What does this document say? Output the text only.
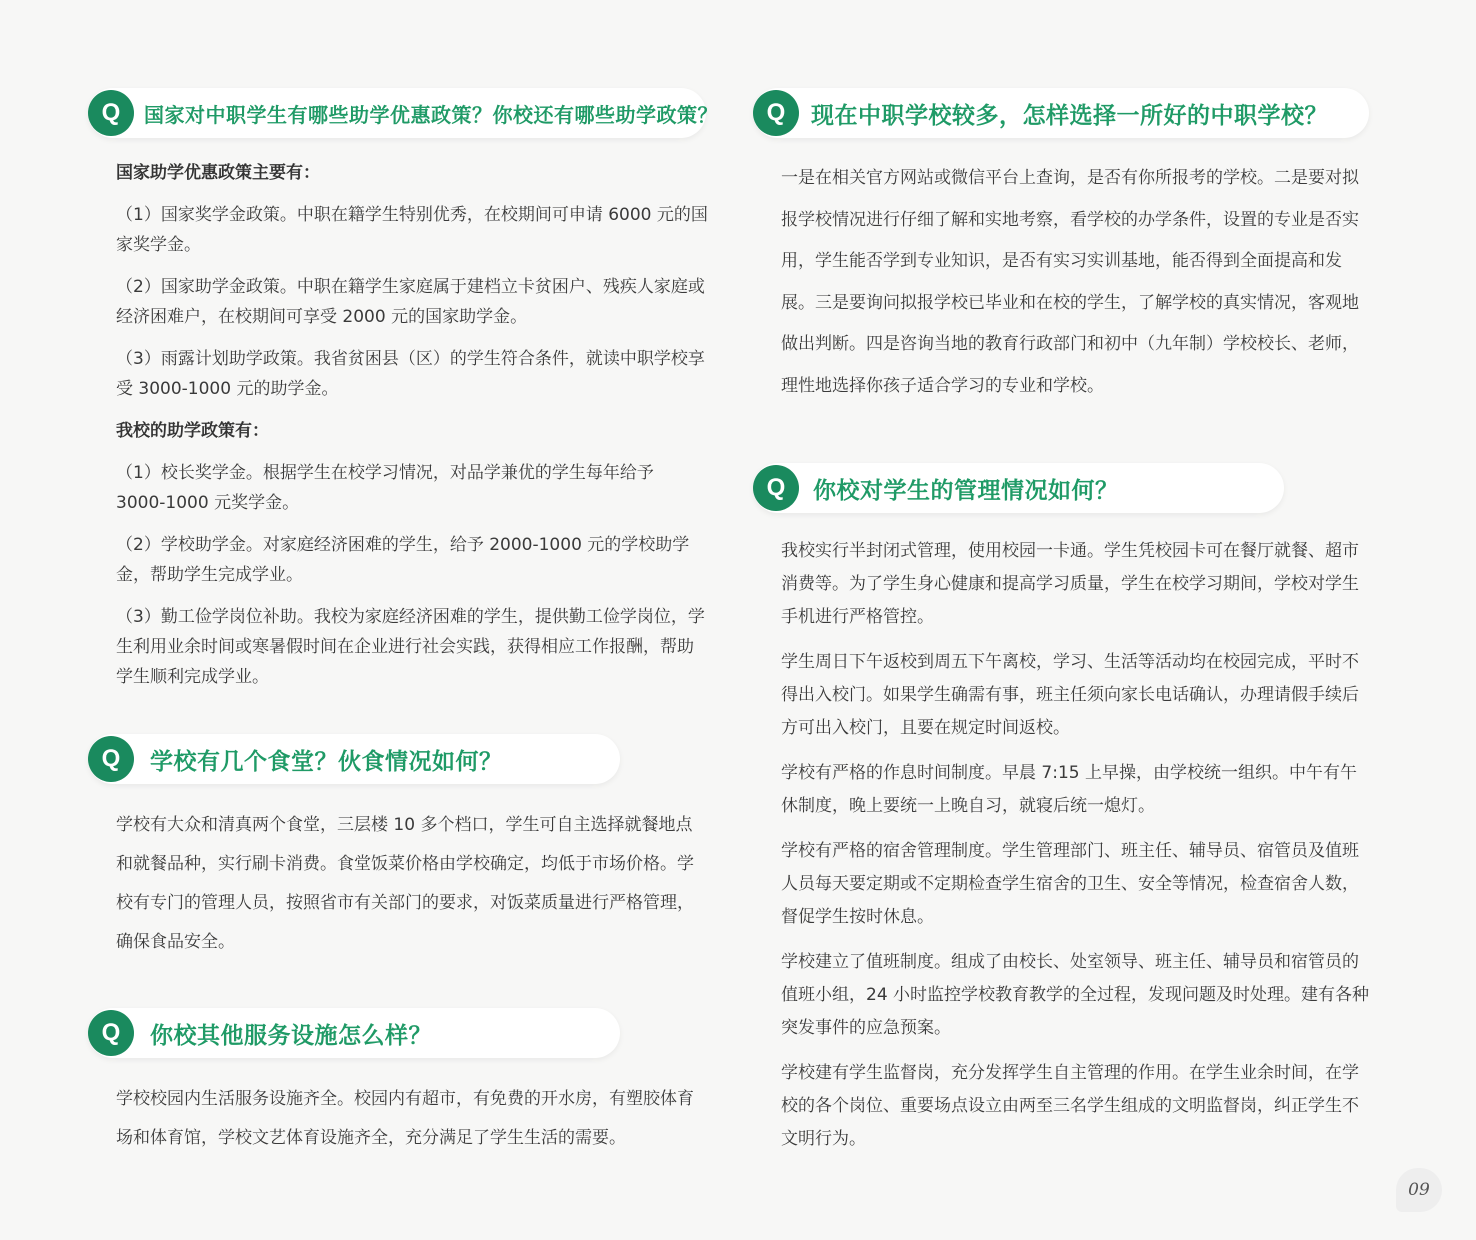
Q	国家对中职学生有哪些助学优惠政策？你校还有哪些助学政策？
国家助学优惠政策主要有：
（1）国家奖学金政策。中职在籍学生特别优秀，在校期间可申请 6000 元的国家奖学金。
（2）国家助学金政策。中职在籍学生家庭属于建档立卡贫困户、残疾人家庭或经济困难户，在校期间可享受 2000 元的国家助学金。
（3）雨露计划助学政策。我省贫困县（区）的学生符合条件，就读中职学校享受 3000-1000 元的助学金。
我校的助学政策有：
（1）校长奖学金。根据学生在校学习情况，对品学兼优的学生每年给予 3000-1000 元奖学金。
（2）学校助学金。对家庭经济困难的学生，给予 2000-1000 元的学校助学金，帮助学生完成学业。
（3）勤工俭学岗位补助。我校为家庭经济困难的学生，提供勤工俭学岗位，学生利用业余时间或寒暑假时间在企业进行社会实践，获得相应工作报酬，帮助学生顺利完成学业。
Q	学校有几个食堂？伙食情况如何？
学校有大众和清真两个食堂，三层楼 10 多个档口，学生可自主选择就餐地点和就餐品种，实行刷卡消费。食堂饭菜价格由学校确定，均低于市场价格。学校有专门的管理人员，按照省市有关部门的要求，对饭菜质量进行严格管理，确保食品安全。
Q	你校其他服务设施怎么样？
学校校园内生活服务设施齐全。校园内有超市，有免费的开水房，有塑胶体育场和体育馆，学校文艺体育设施齐全，充分满足了学生生活的需要。
Q	现在中职学校较多，怎样选择一所好的中职学校？
一是在相关官方网站或微信平台上查询，是否有你所报考的学校。二是要对拟报学校情况进行仔细了解和实地考察，看学校的办学条件，设置的专业是否实用，学生能否学到专业知识，是否有实习实训基地，能否得到全面提高和发展。三是要询问拟报学校已毕业和在校的学生，了解学校的真实情况，客观地做出判断。四是咨询当地的教育行政部门和初中（九年制）学校校长、老师，理性地选择你孩子适合学习的专业和学校。
Q	你校对学生的管理情况如何？
我校实行半封闭式管理，使用校园一卡通。学生凭校园卡可在餐厅就餐、超市消费等。为了学生身心健康和提高学习质量，学生在校学习期间，学校对学生手机进行严格管控。
学生周日下午返校到周五下午离校，学习、生活等活动均在校园完成，平时不得出入校门。如果学生确需有事，班主任须向家长电话确认，办理请假手续后方可出入校门，且要在规定时间返校。
学校有严格的作息时间制度。早晨 7:15 上早操，由学校统一组织。中午有午休制度，晚上要统一上晚自习，就寝后统一熄灯。
学校有严格的宿舍管理制度。学生管理部门、班主任、辅导员、宿管员及值班人员每天要定期或不定期检查学生宿舍的卫生、安全等情况，检查宿舍人数，督促学生按时休息。
学校建立了值班制度。组成了由校长、处室领导、班主任、辅导员和宿管员的值班小组，24 小时监控学校教育教学的全过程，发现问题及时处理。建有各种突发事件的应急预案。
学校建有学生监督岗，充分发挥学生自主管理的作用。在学生业余时间，在学校的各个岗位、重要场点设立由两至三名学生组成的文明监督岗，纠正学生不文明行为。
09
